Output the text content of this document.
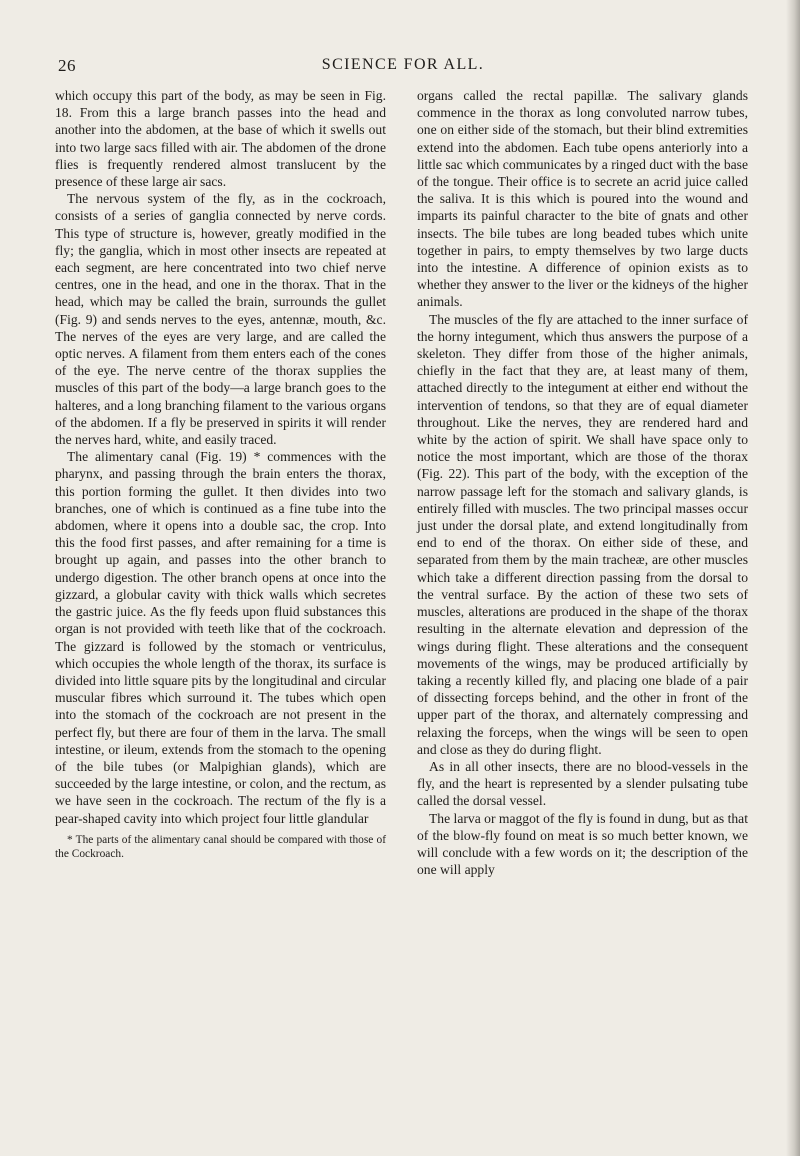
26	SCIENCE FOR ALL.

which occupy this part of the body, as may be seen in Fig. 18. From this a large branch passes into the head and another into the abdomen, at the base of which it swells out into two large sacs filled with air. The abdomen of the drone flies is frequently rendered almost translucent by the presence of these large air sacs.

The nervous system of the fly, as in the cockroach, consists of a series of ganglia connected by nerve cords. This type of structure is, however, greatly modified in the fly; the ganglia, which in most other insects are repeated at each segment, are here concentrated into two chief nerve centres, one in the head, and one in the thorax. That in the head, which may be called the brain, surrounds the gullet (Fig. 9) and sends nerves to the eyes, antennæ, mouth, &c. The nerves of the eyes are very large, and are called the optic nerves. A filament from them enters each of the cones of the eye. The nerve centre of the thorax supplies the muscles of this part of the body—a large branch goes to the halteres, and a long branching filament to the various organs of the abdomen. If a fly be preserved in spirits it will render the nerves hard, white, and easily traced.

The alimentary canal (Fig. 19) * commences with the pharynx, and passing through the brain enters the thorax, this portion forming the gullet. It then divides into two branches, one of which is continued as a fine tube into the abdomen, where it opens into a double sac, the crop. Into this the food first passes, and after remaining for a time is brought up again, and passes into the other branch to undergo digestion. The other branch opens at once into the gizzard, a globular cavity with thick walls which secretes the gastric juice. As the fly feeds upon fluid substances this organ is not provided with teeth like that of the cockroach. The gizzard is followed by the stomach or ventriculus, which occupies the whole length of the thorax, its surface is divided into little square pits by the longitudinal and circular muscular fibres which surround it. The tubes which open into the stomach of the cockroach are not present in the perfect fly, but there are four of them in the larva. The small intestine, or ileum, extends from the stomach to the opening of the bile tubes (or Malpighian glands), which are succeeded by the large intestine, or colon, and the rectum, as we have seen in the cockroach. The rectum of the fly is a pear-shaped cavity into which project four little glandular

* The parts of the alimentary canal should be compared with those of the Cockroach.

organs called the rectal papillæ. The salivary glands commence in the thorax as long convoluted narrow tubes, one on either side of the stomach, but their blind extremities extend into the abdomen. Each tube opens anteriorly into a little sac which communicates by a ringed duct with the base of the tongue. Their office is to secrete an acrid juice called the saliva. It is this which is poured into the wound and imparts its painful character to the bite of gnats and other insects. The bile tubes are long beaded tubes which unite together in pairs, to empty themselves by two large ducts into the intestine. A difference of opinion exists as to whether they answer to the liver or the kidneys of the higher animals.

The muscles of the fly are attached to the inner surface of the horny integument, which thus answers the purpose of a skeleton. They differ from those of the higher animals, chiefly in the fact that they are, at least many of them, attached directly to the integument at either end without the intervention of tendons, so that they are of equal diameter throughout. Like the nerves, they are rendered hard and white by the action of spirit. We shall have space only to notice the most important, which are those of the thorax (Fig. 22). This part of the body, with the exception of the narrow passage left for the stomach and salivary glands, is entirely filled with muscles. The two principal masses occur just under the dorsal plate, and extend longitudinally from end to end of the thorax. On either side of these, and separated from them by the main tracheæ, are other muscles which take a different direction passing from the dorsal to the ventral surface. By the action of these two sets of muscles, alterations are produced in the shape of the thorax resulting in the alternate elevation and depression of the wings during flight. These alterations and the consequent movements of the wings, may be produced artificially by taking a recently killed fly, and placing one blade of a pair of dissecting forceps behind, and the other in front of the upper part of the thorax, and alternately compressing and relaxing the forceps, when the wings will be seen to open and close as they do during flight.

As in all other insects, there are no blood-vessels in the fly, and the heart is represented by a slender pulsating tube called the dorsal vessel.

The larva or maggot of the fly is found in dung, but as that of the blow-fly found on meat is so much better known, we will conclude with a few words on it; the description of the one will apply
